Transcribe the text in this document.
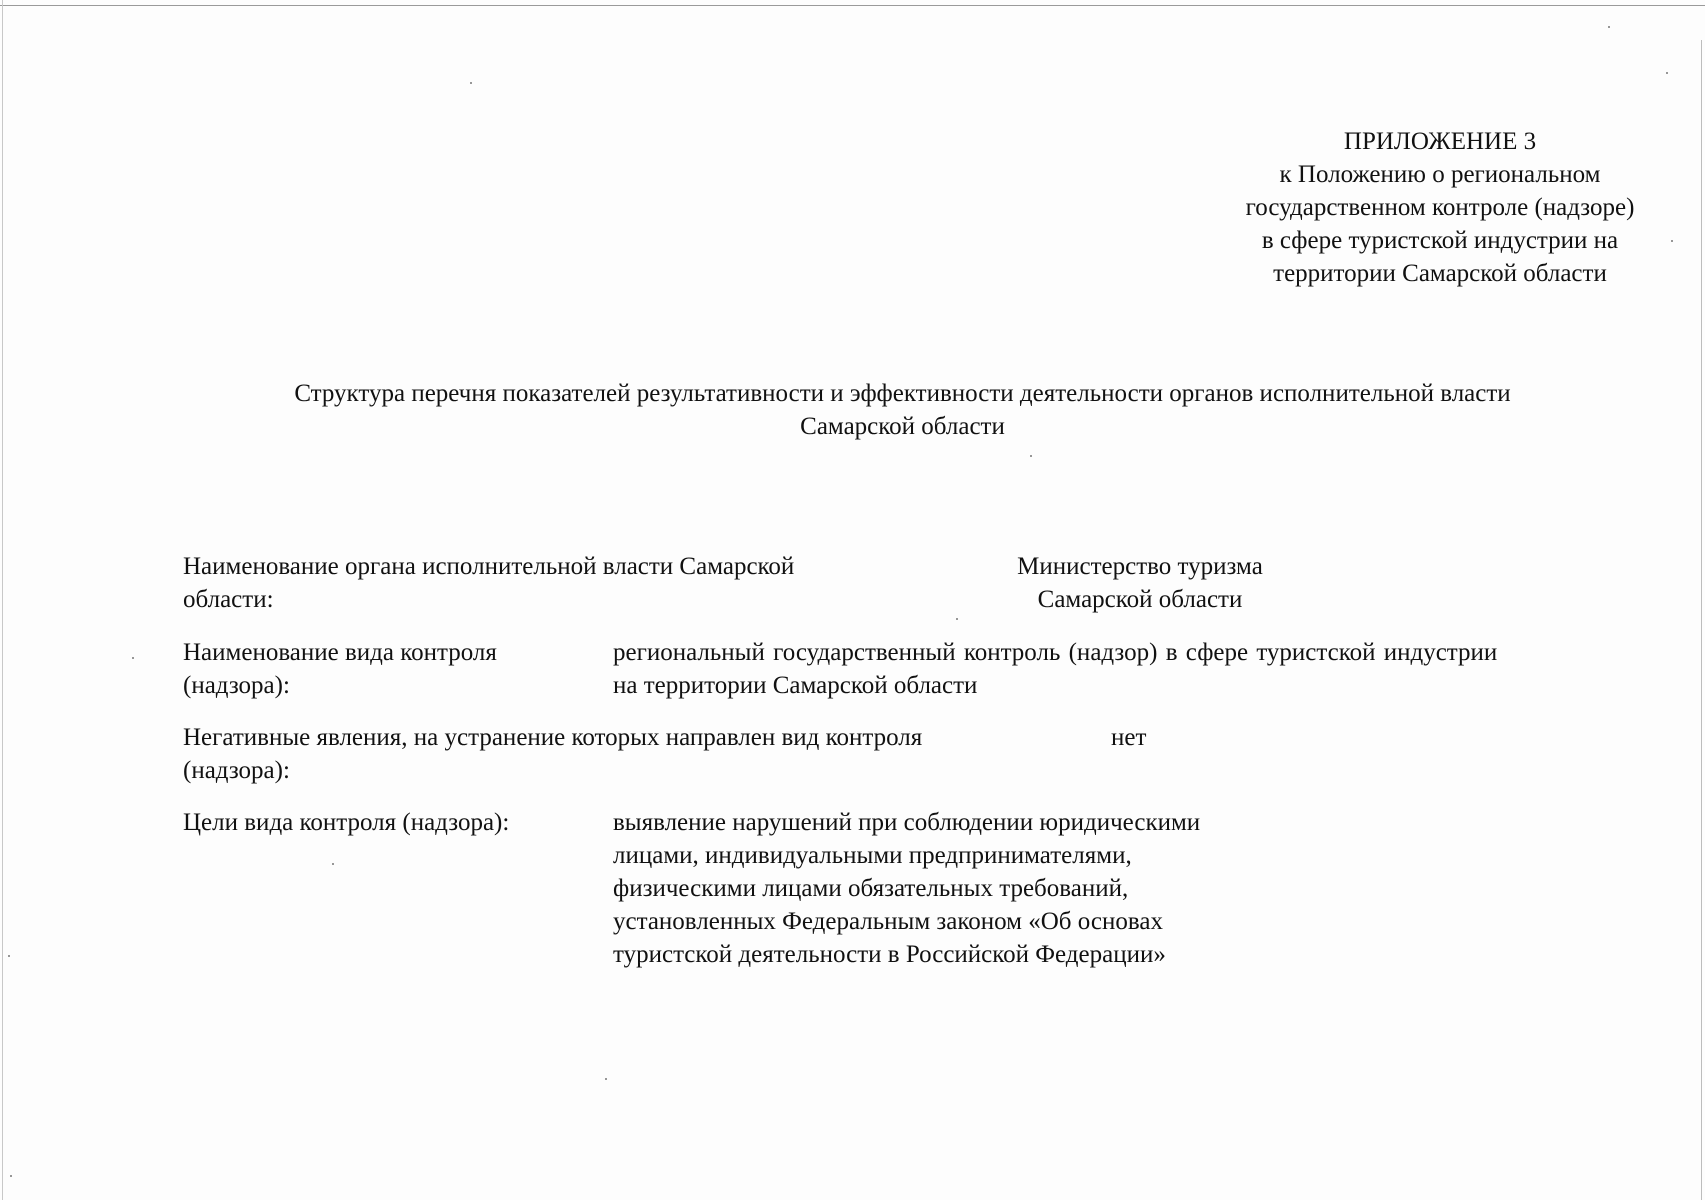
ПРИЛОЖЕНИЕ 3
к Положению о региональном
государственном контроле (надзоре)
в сфере туристской индустрии на
территории Самарской области
Структура перечня показателей результативности и эффективности деятельности органов исполнительной власти
Самарской области
Наименование органа исполнительной власти Самарской
области:
Министерство туризма
Самарской области
Наименование вида контроля
(надзора):
региональный государственный контроль (надзор) в сфере туристской индустрии
на территории Самарской области
Негативные явления, на устранение которых направлен вид контроля
(надзора):
нет
Цели вида контроля (надзора):	выявление нарушений при соблюдении юридическими
лицами, индивидуальными предпринимателями,
физическими лицами обязательных требований,
установленных Федеральным законом «Об основах
туристской деятельности в Российской Федерации»
